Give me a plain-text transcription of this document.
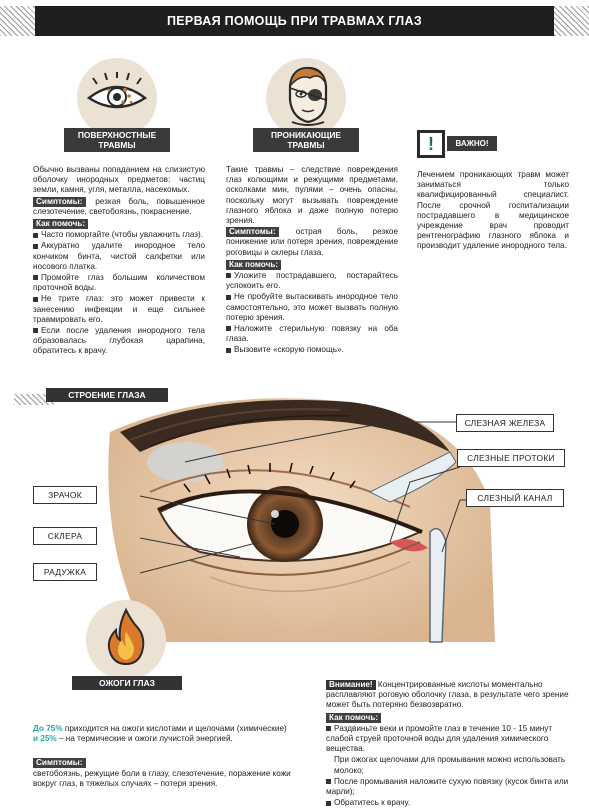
ПЕРВАЯ ПОМОЩЬ ПРИ ТРАВМАХ ГЛАЗ
ПОВЕРХНОСТНЫЕ
ТРАВМЫ
Обычно вызваны попаданием на слизистую оболочку инородных предметов: частиц земли, камня, угля, металла, насекомых.
Симптомы: резкая боль, повышенное слезотечение, светобоязнь, покраснение.
Как помочь:
Часто поморгайте (чтобы увлажнить глаз).
Аккуратно удалите инородное тело кончиком бинта, чистой салфетки или носового платка.
Промойте глаз большим количеством проточной воды.
Не трите глаз: это может привести к занесению инфекции и еще сильнее травмировать его.
Если после удаления инородного тела образовалась глубокая царапина, обратитесь к врачу.
ПРОНИКАЮЩИЕ
ТРАВМЫ
Такие травмы – следствие повреждения глаз колющими и режущими предметами, осколками мин, пулями – очень опасны, поскольку могут вызывать повреждение глазного яблока и даже полную потерю зрения.
Симптомы: острая боль, резкое понижение или потеря зрения, повреждение роговицы и склеры глаза.
Как помочь:
Уложите пострадавшего, постарайтесь успокоить его.
Не пробуйте вытаскивать инородное тело самостоятельно, это может вызвать полную потерю зрения.
Наложите стерильную повязку на оба глаза.
Вызовите «скорую помощь».
!	ВАЖНО!
Лечением проникающих травм может заниматься только квалифицированный специалист. После срочной госпитализации пострадавшего в медицинское учреждение врач проводит рентгенографию глазного яблока и производит удаление инородного тела.
СТРОЕНИЕ ГЛАЗА
СЛЕЗНАЯ ЖЕЛЕЗА
СЛЕЗНЫЕ ПРОТОКИ
СЛЕЗНЫЙ КАНАЛ
ЗРАЧОК
СКЛЕРА
РАДУЖКА
ОЖОГИ ГЛАЗ
До 75% приходится на ожоги кислотами и щелочами (химические)
и 25% – на термические и ожоги лучистой энергией.
Симптомы:
светобоязнь, режущие боли в глазу, слезотечение, поражение кожи вокруг глаз, в тяжелых случаях – потеря зрения.
Внимание! Концентрированные кислоты моментально расплавляют роговую оболочку глаза, в результате чего зрение может быть потеряно безвозвратно.
Как помочь:
Раздвиньте веки и промойте глаз в течение 10 - 15 минут слабой струей проточной воды для удаления химического вещества.
При ожогах щелочами для промывания можно использовать молоко;
После промывания наложите сухую повязку (кусок бинта или марли);
Обратитесь к врачу.
